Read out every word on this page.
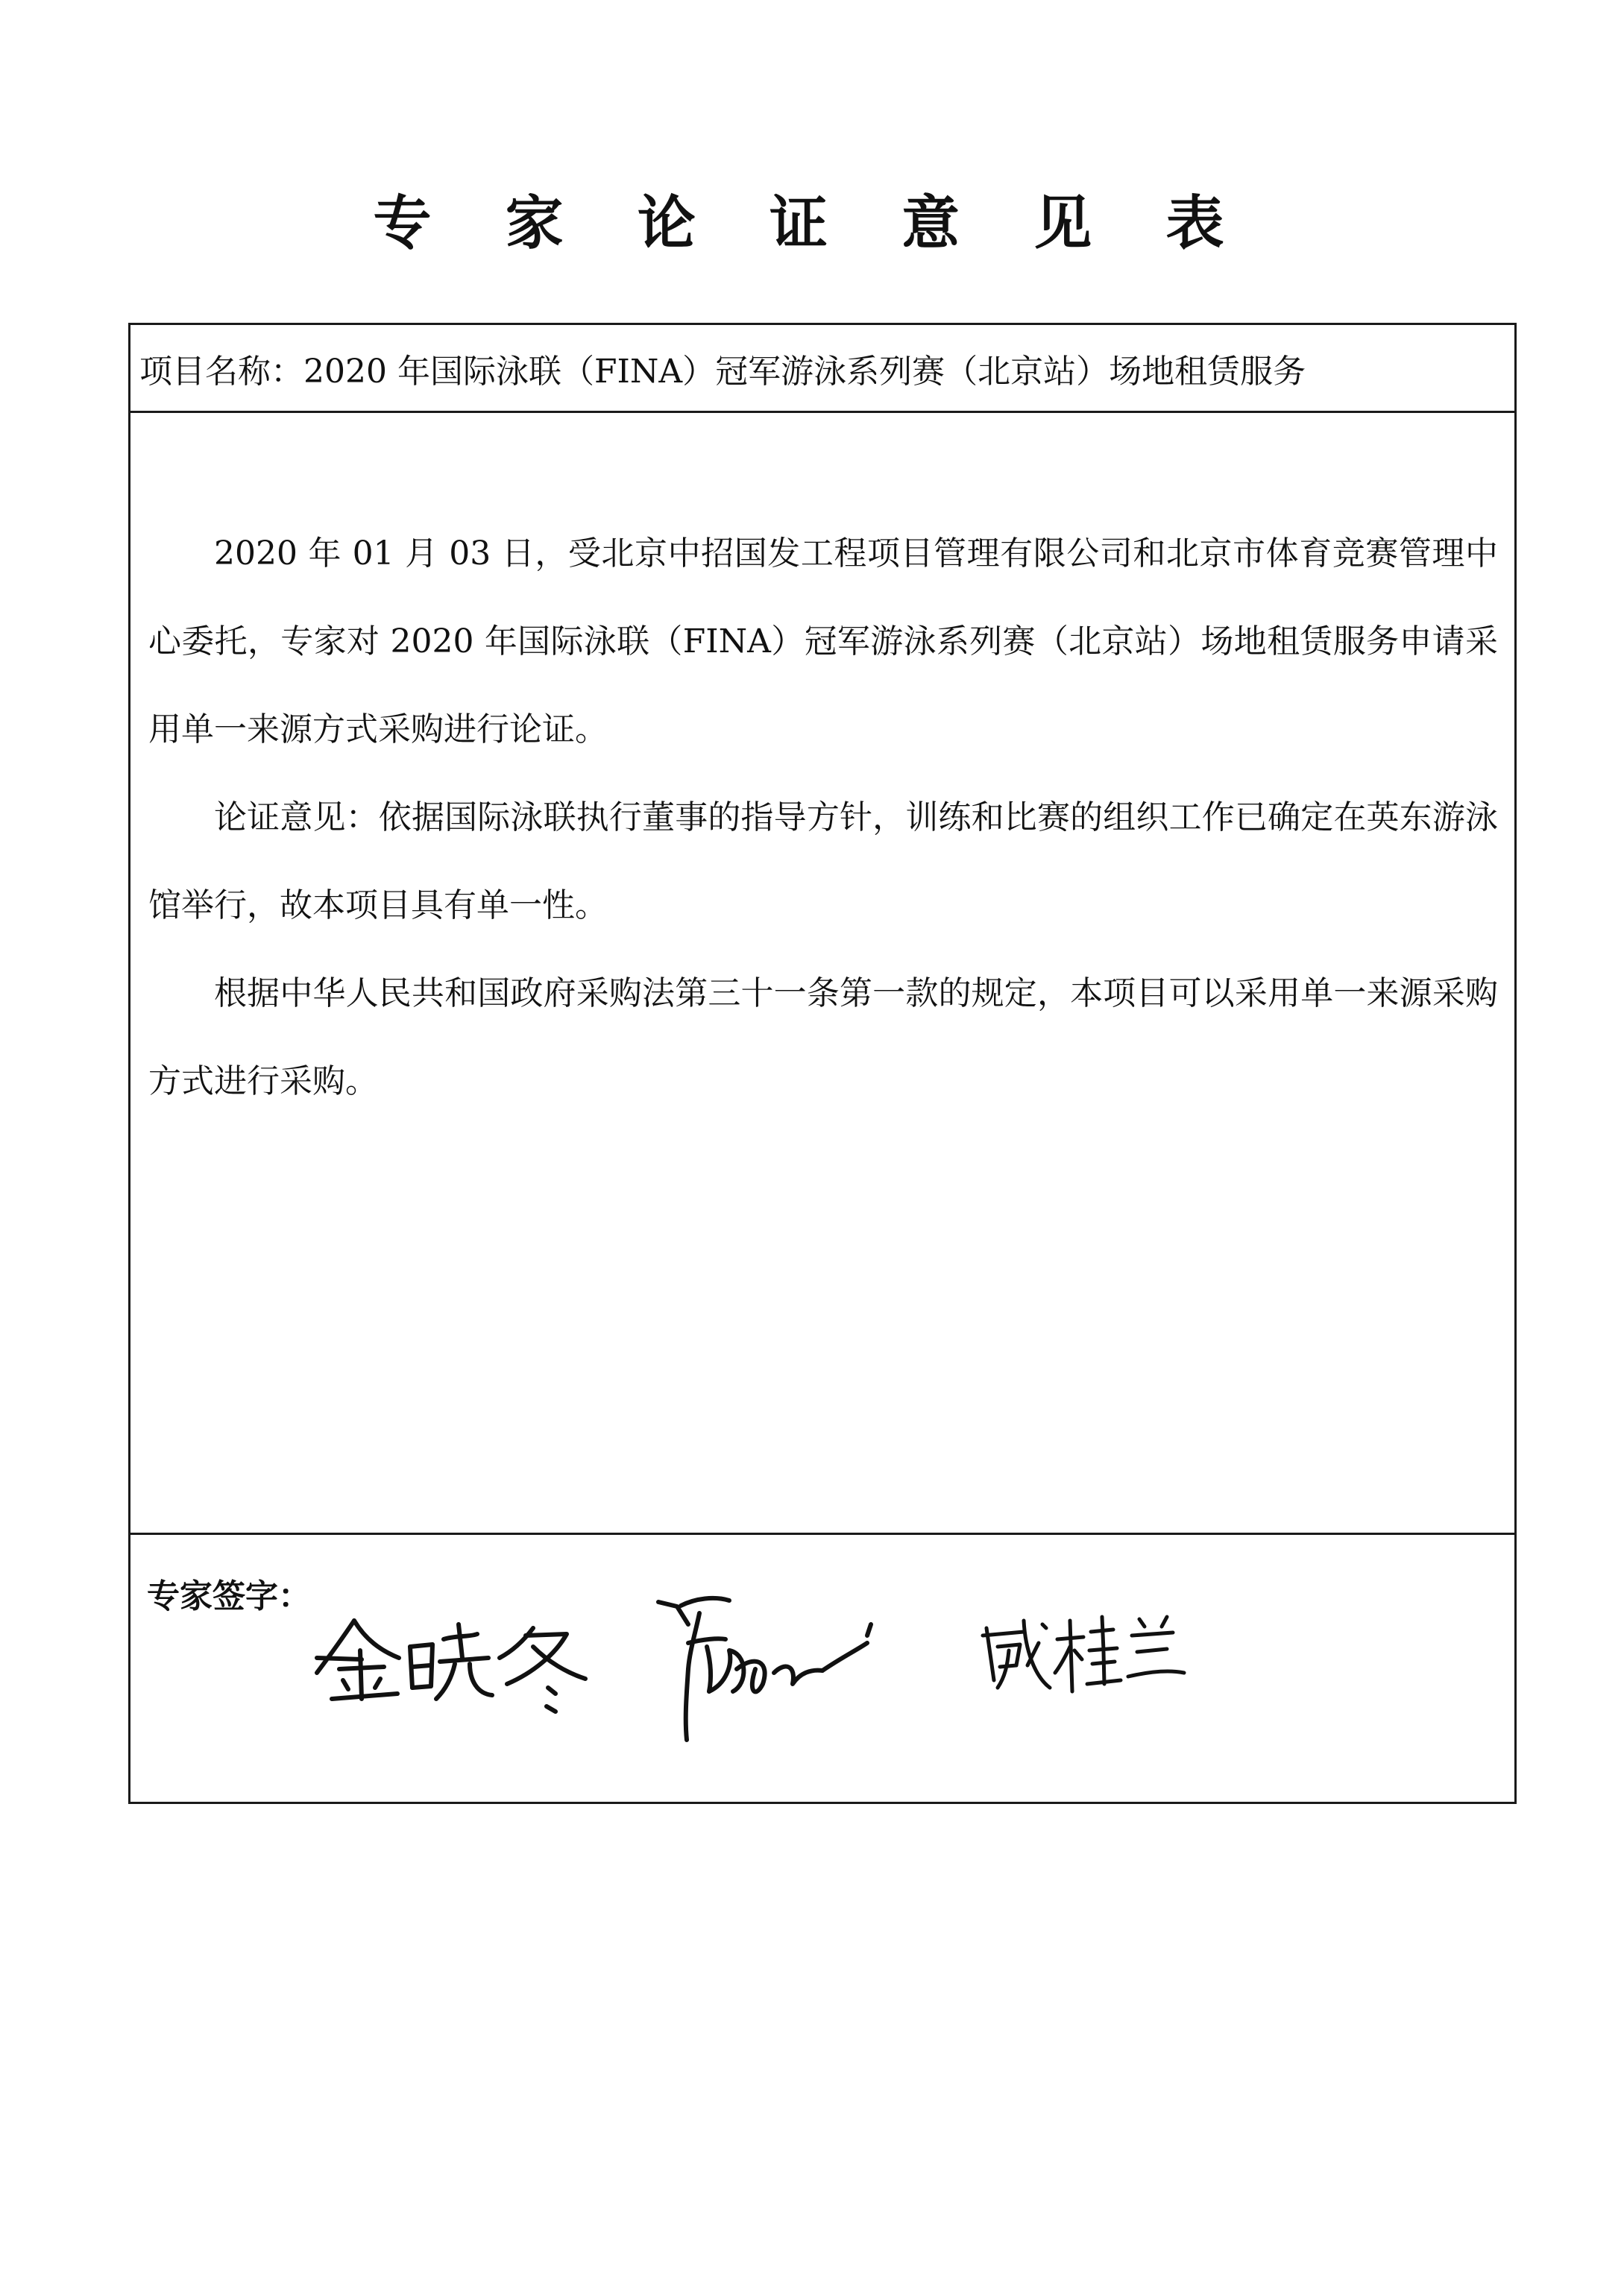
专 家 论 证 意 见 表
项目名称： 2020 年国际泳联（FINA）冠军游泳系列赛（北京站）场地租赁服务

2020 年 01 月 03 日，受北京中招国发工程项目管理有限公司和北京市体育竞赛管理中心委托，专家对 2020 年国际泳联（FINA）冠军游泳系列赛（北京站）场地租赁服务申请采用单一来源方式采购进行论证。

论证意见：依据国际泳联执行董事的指导方针，训练和比赛的组织工作已确定在英东游泳馆举行，故本项目具有单一性。

根据中华人民共和国政府采购法第三十一条第一款的规定，本项目可以采用单一来源采购方式进行采购。

专家签字：
